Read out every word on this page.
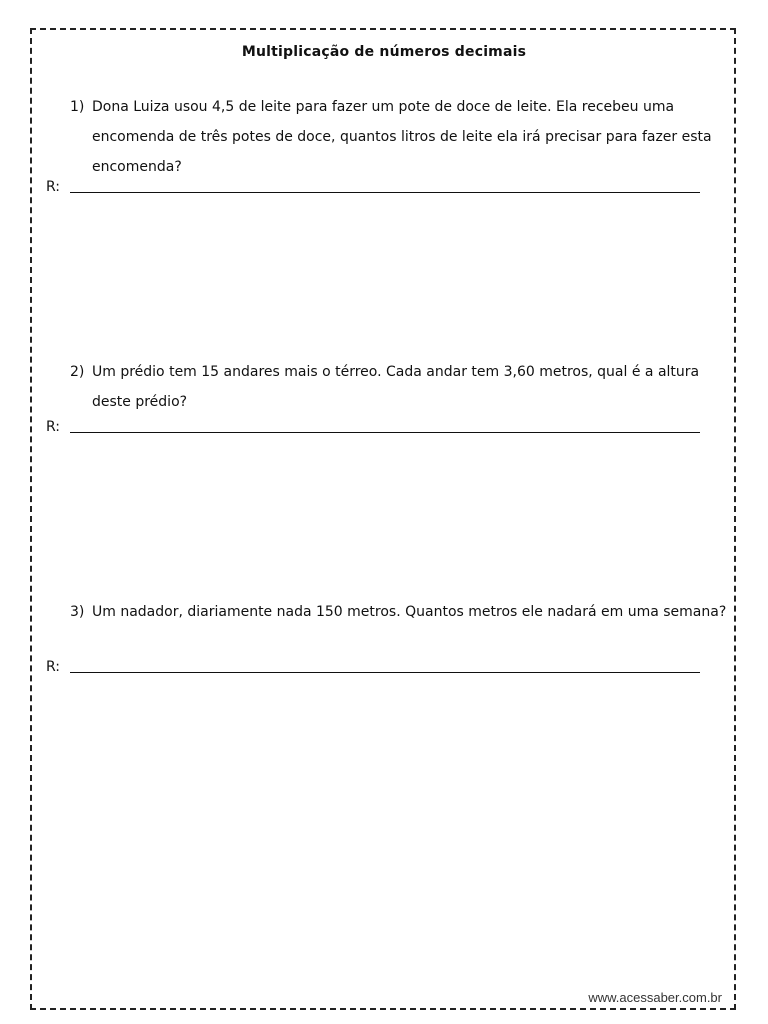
Multiplicação de números decimais
1) Dona Luiza usou 4,5 de leite para fazer um pote de doce de leite. Ela recebeu uma encomenda de três potes de doce, quantos litros de leite ela irá precisar para fazer esta encomenda?
R:
2) Um prédio tem 15 andares mais o térreo. Cada andar tem 3,60 metros, qual é a altura deste prédio?
R:
3) Um nadador, diariamente nada 150 metros. Quantos metros ele nadará em uma semana?
R:
www.acessaber.com.br
